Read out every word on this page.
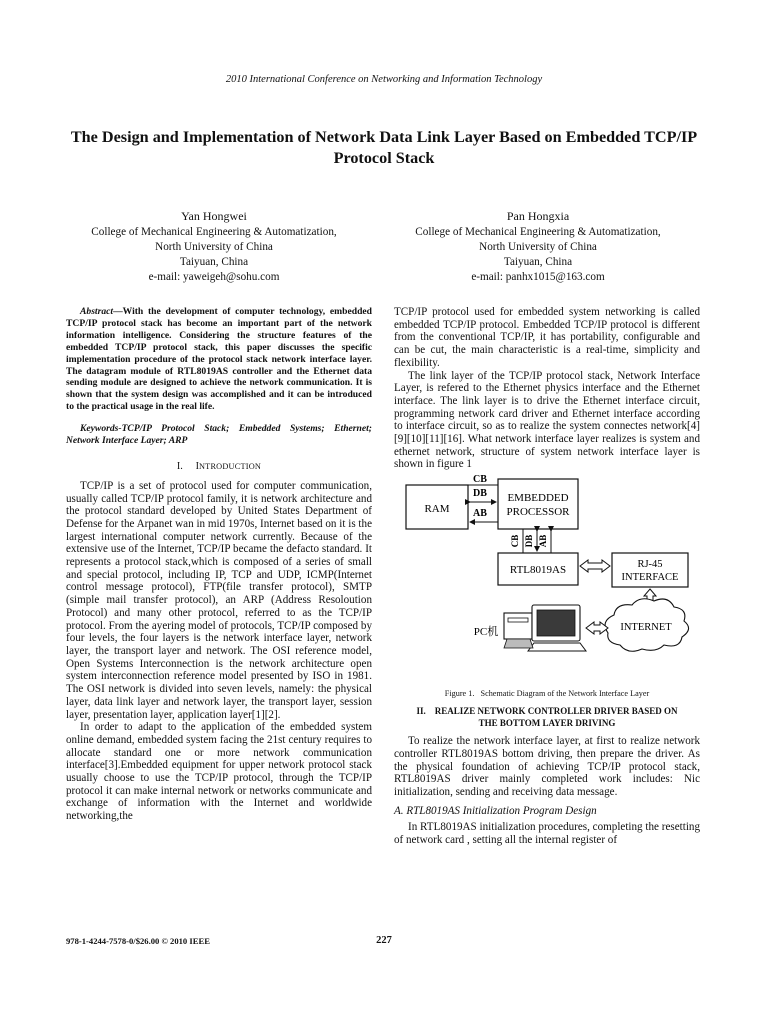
2010 International Conference on Networking and Information Technology
The Design and Implementation of Network Data Link Layer Based on Embedded TCP/IP Protocol Stack
Yan Hongwei
College of Mechanical Engineering & Automatization,
North University of China
Taiyuan, China
e-mail: yaweigeh@sohu.com
Pan Hongxia
College of Mechanical Engineering & Automatization,
North University of China
Taiyuan, China
e-mail: panhx1015@163.com

Abstract—With the development of computer technology, embedded TCP/IP protocol stack has become an important part of the network information intelligence. Considering the structure features of the embedded TCP/IP protocol stack, this paper discusses the specific implementation procedure of the protocol stack network interface layer. The datagram module of RTL8019AS controller and the Ethernet data sending module are designed to achieve the network communication. It is shown that the system design was accomplished and it can be introduced to the practical usage in the real life.

Keywords-TCP/IP Protocol Stack; Embedded Systems; Ethernet; Network Interface Layer; ARP

I. INTRODUCTION

TCP/IP is a set of protocol used for computer communication, usually called TCP/IP protocol family, it is network architecture and the protocol standard developed by United States Department of Defense for the Arpanet wan in mid 1970s, Internet based on it is the largest international computer network currently. Because of the extensive use of the Internet, TCP/IP became the defacto standard. It represents a protocol stack,which is composed of a series of small and special protocol, including IP, TCP and UDP, ICMP(Internet control message protocol), FTP(file transfer protocol), SMTP (simple mail transfer protocol), an ARP (Address Resoloution Protocol) and many other protocol, referred to as the TCP/IP protocol. From the ayering model of protocols, TCP/IP composed by four levels, the four layers is the network interface layer, network layer, the transport layer and network. The OSI reference model, Open Systems Interconnection is the network architecture open system interconnection reference model presented by ISO in 1981. The OSI network is divided into seven levels, namely: the physical layer, data link layer and network layer, the transport layer, session layer, presentation layer, application layer[1][2].

In order to adapt to the application of the embedded system online demand, embedded system facing the 21st century requires to allocate standard one or more network communication interface[3].Embedded equipment for upper network protocol stack usually choose to use the TCP/IP protocol, through the TCP/IP protocol it can make internal network or networks communicate and exchange of information with the Internet and worldwide networking,the

TCP/IP protocol used for embedded system networking is called embedded TCP/IP protocol. Embedded TCP/IP protocol is different from the conventional TCP/IP, it has portability, configurable and can be cut, the main characteristic is a real-time, simplicity and flexibility.

The link layer of the TCP/IP protocol stack, Network Interface Layer, is refered to the Ethernet physics interface and the Ethernet interface. The link layer is to drive the Ethernet interface circuit, programming network card driver and Ethernet interface according to interface circuit, so as to realize the system connectes network[4][9][10][11][16]. What network interface layer realizes is system and ethernet network, structure of system network interface layer is shown in figure 1

RAM
EMBEDDED
PROCESSOR
CB
DB
AB
CB DB AB
RTL8019AS	RJ-45
INTERFACE
INTERNET
PC机
Figure 1. Schematic Diagram of the Network Interface Layer
II. REALIZE NETWORK CONTROLLER DRIVER BASED ON
THE BOTTOM LAYER DRIVING

To realize the network interface layer, at first to realize network controller RTL8019AS bottom driving, then prepare the driver. As the physical foundation of achieving TCP/IP protocol stack, RTL8019AS driver mainly completed work includes: Nic initialization, sending and receiving data message.

A. RTL8019AS Initialization Program Design

In RTL8019AS initialization procedures, completing the resetting of network card , setting all the internal register of

978-1-4244-7578-0/$26.00 © 2010 IEEE	227
